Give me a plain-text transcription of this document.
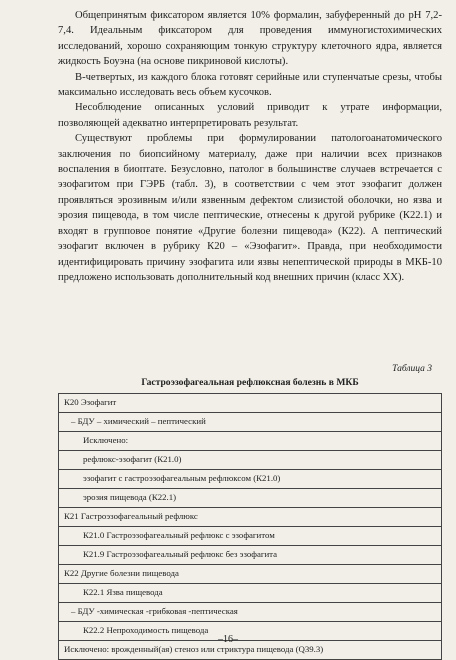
Общепринятым фиксатором является 10% формалин, забуференный до pH 7,2-7,4. Идеальным фиксатором для проведения иммуногистохимических исследований, хорошо сохраняющим тонкую структуру клеточного ядра, является жидкость Боуэна (на основе пикриновой кислоты).

В-четвертых, из каждого блока готовят серийные или ступенчатые срезы, чтобы максимально исследовать весь объем кусочков.

Несоблюдение описанных условий приводит к утрате информации, позволяющей адекватно интерпретировать результат.

Существуют проблемы при формулировании патологоанатомического заключения по биопсийному материалу, даже при наличии всех признаков воспаления в биоптате. Безусловно, патолог в большинстве случаев встречается с эзофагитом при ГЭРБ (табл. 3), в соответствии с чем этот эзофагит должен проявляться эрозивным и/или язвенным дефектом слизистой оболочки, но язва и эрозия пищевода, в том числе пептические, отнесены к другой рубрике (К22.1) и входят в групповое понятие «Другие болезни пищевода» (К22). А пептический эзофагит включен в рубрику К20 – «Эзофагит». Правда, при необходимости идентифицировать причину эзофагита или язвы непептической природы в МКБ-10 предложено использовать дополнительный код внешних причин (класс XX).

Таблица 3
Гастроэзофагеальная рефлюксная болезнь в МКБ
К20 Эзофагит
– БДУ – химический – пептический
Исключено:
рефлюкс-эзофагит (К21.0)
эзофагит с гастроэзофагеальным рефлюксом (К21.0)
эрозия пищевода (К22.1)
К21 Гастроэзофагеальный рефлюкс
К21.0 Гастроэзофагеальный рефлюкс с эзофагитом
К21.9 Гастроэзофагеальный рефлюкс без эзофагита
К22 Другие болезни пищевода
К22.1 Язва пищевода
– БДУ -химическая -грибковая -пептическая
К22.2 Непроходимость пищевода
Исключено: врожденный(ая) стеноз или стриктура пищевода (Q39.3)
–16–
